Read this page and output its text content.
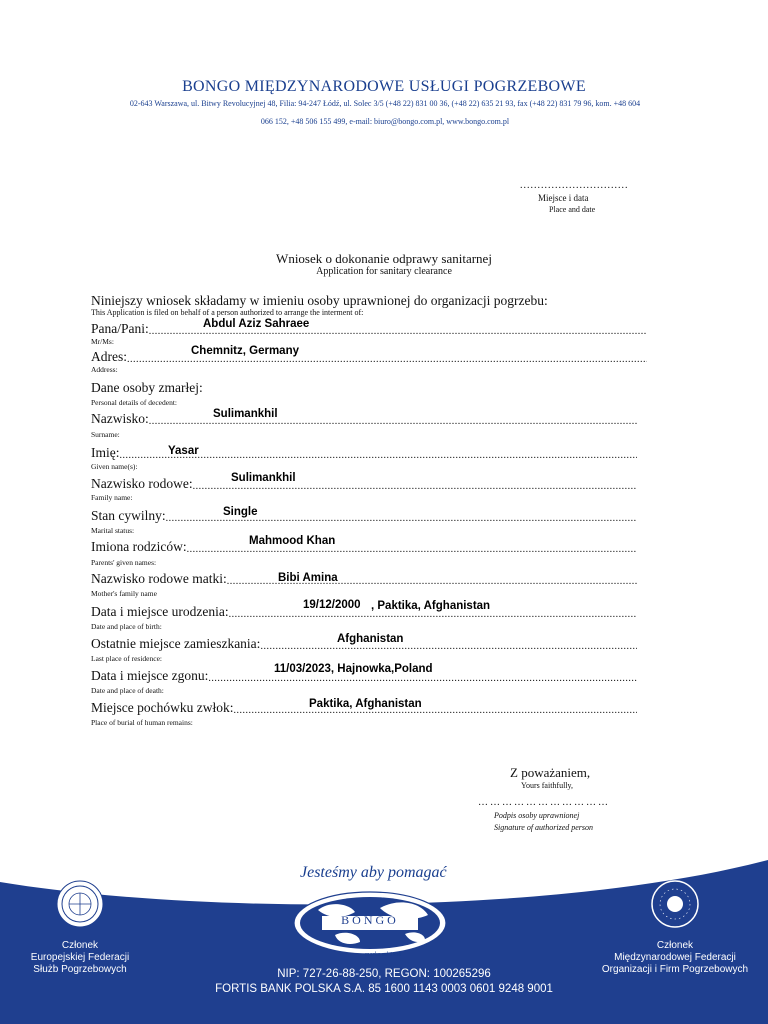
BONGO MIĘDZYNARODOWE USŁUGI POGRZEBOWE
02-643 Warszawa, ul. Bitwy Revolucyjnej 48, Filia: 94-247 Łódź, ul. Solec 3/5 (+48 22) 831 00 36, (+48 22) 635 21 93, fax (+48 22) 831 79 96, kom. +48 604
066 152, +48 506 155 499, e-mail: biuro@bongo.com.pl, www.bongo.com.pl
...............................
Miejsce i data
Place and date
Wniosek o dokonanie odprawy sanitarnej
Application for sanitary clearance
Niniejszy wniosek składamy w imieniu osoby uprawnionej do organizacji pogrzebu:
This Application is filed on behalf of a person authorized to arrange the interment of:
Pana/Pani:
.....	Abdul Aziz Sahraee
Mr/Ms:
Adres:
.....	Chemnitz, Germany
Address:
Dane osoby zmarłej:
Personal details of decedent:
Nazwisko:
.....	Sulimankhil
Surname:
Imię: .....	Yasar
Given name(s):
Nazwisko rodowe:
.....	Sulimankhil
Family name:
Stan cywilny:
.....	Single
Marital status:
Imiona rodziców:
.....	Mahmood Khan
Parents' given names:
Nazwisko rodowe matki: .....	Bibi Amina
Mother's family name
Data i miejsce urodzenia:
.....	19/12/2000 , Paktika, Afghanistan
Date and place of birth:
Ostatnie miejsce zamieszkania:
.....	Afghanistan
Last place of residence:
Data i miejsce zgonu:
.....	11/03/2023, Hajnowka,Poland
Date and place of death:
Miejsce pochówku zwłok:
.....	Paktika, Afghanistan
Place of burial of human remains:
Z poważaniem,
Yours faithfully,
……………………………
Podpis osoby uprawnionej
Signature of authorized person
Jesteśmy aby pomagać
BONGO
marka od 1958
Członek
Europejskiej Federacji
Służb Pogrzebowych
Członek
Międzynarodowej Federacji
Organizacji i Firm Pogrzebowych
NIP: 727-26-88-250, REGON: 100265296
FORTIS BANK POLSKA S.A. 85 1600 1143 0003 0601 9248 9001
